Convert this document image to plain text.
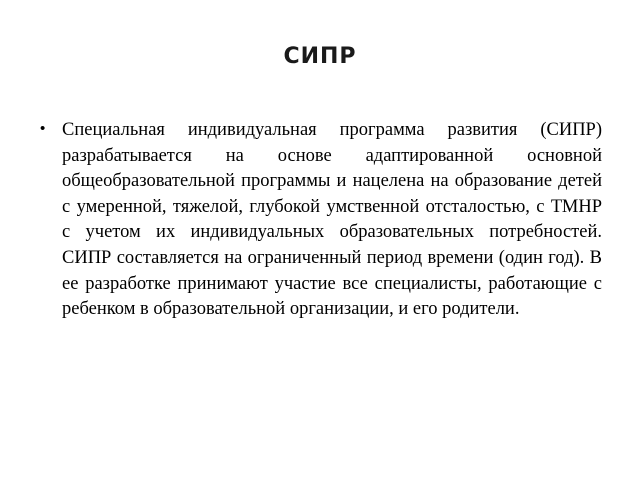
СИПР
• Специальная индивидуальная программа развития (СИПР) разрабатывается на основе адаптированной основной общеобразовательной программы и нацелена на образование детей с умеренной, тяжелой, глубокой умственной отсталостью, с ТМНР с учетом их индивидуальных образовательных потребностей. СИПР составляется на ограниченный период времени (один год). В ее разработке принимают участие все специалисты, работающие с ребенком в образовательной организации, и его родители.
